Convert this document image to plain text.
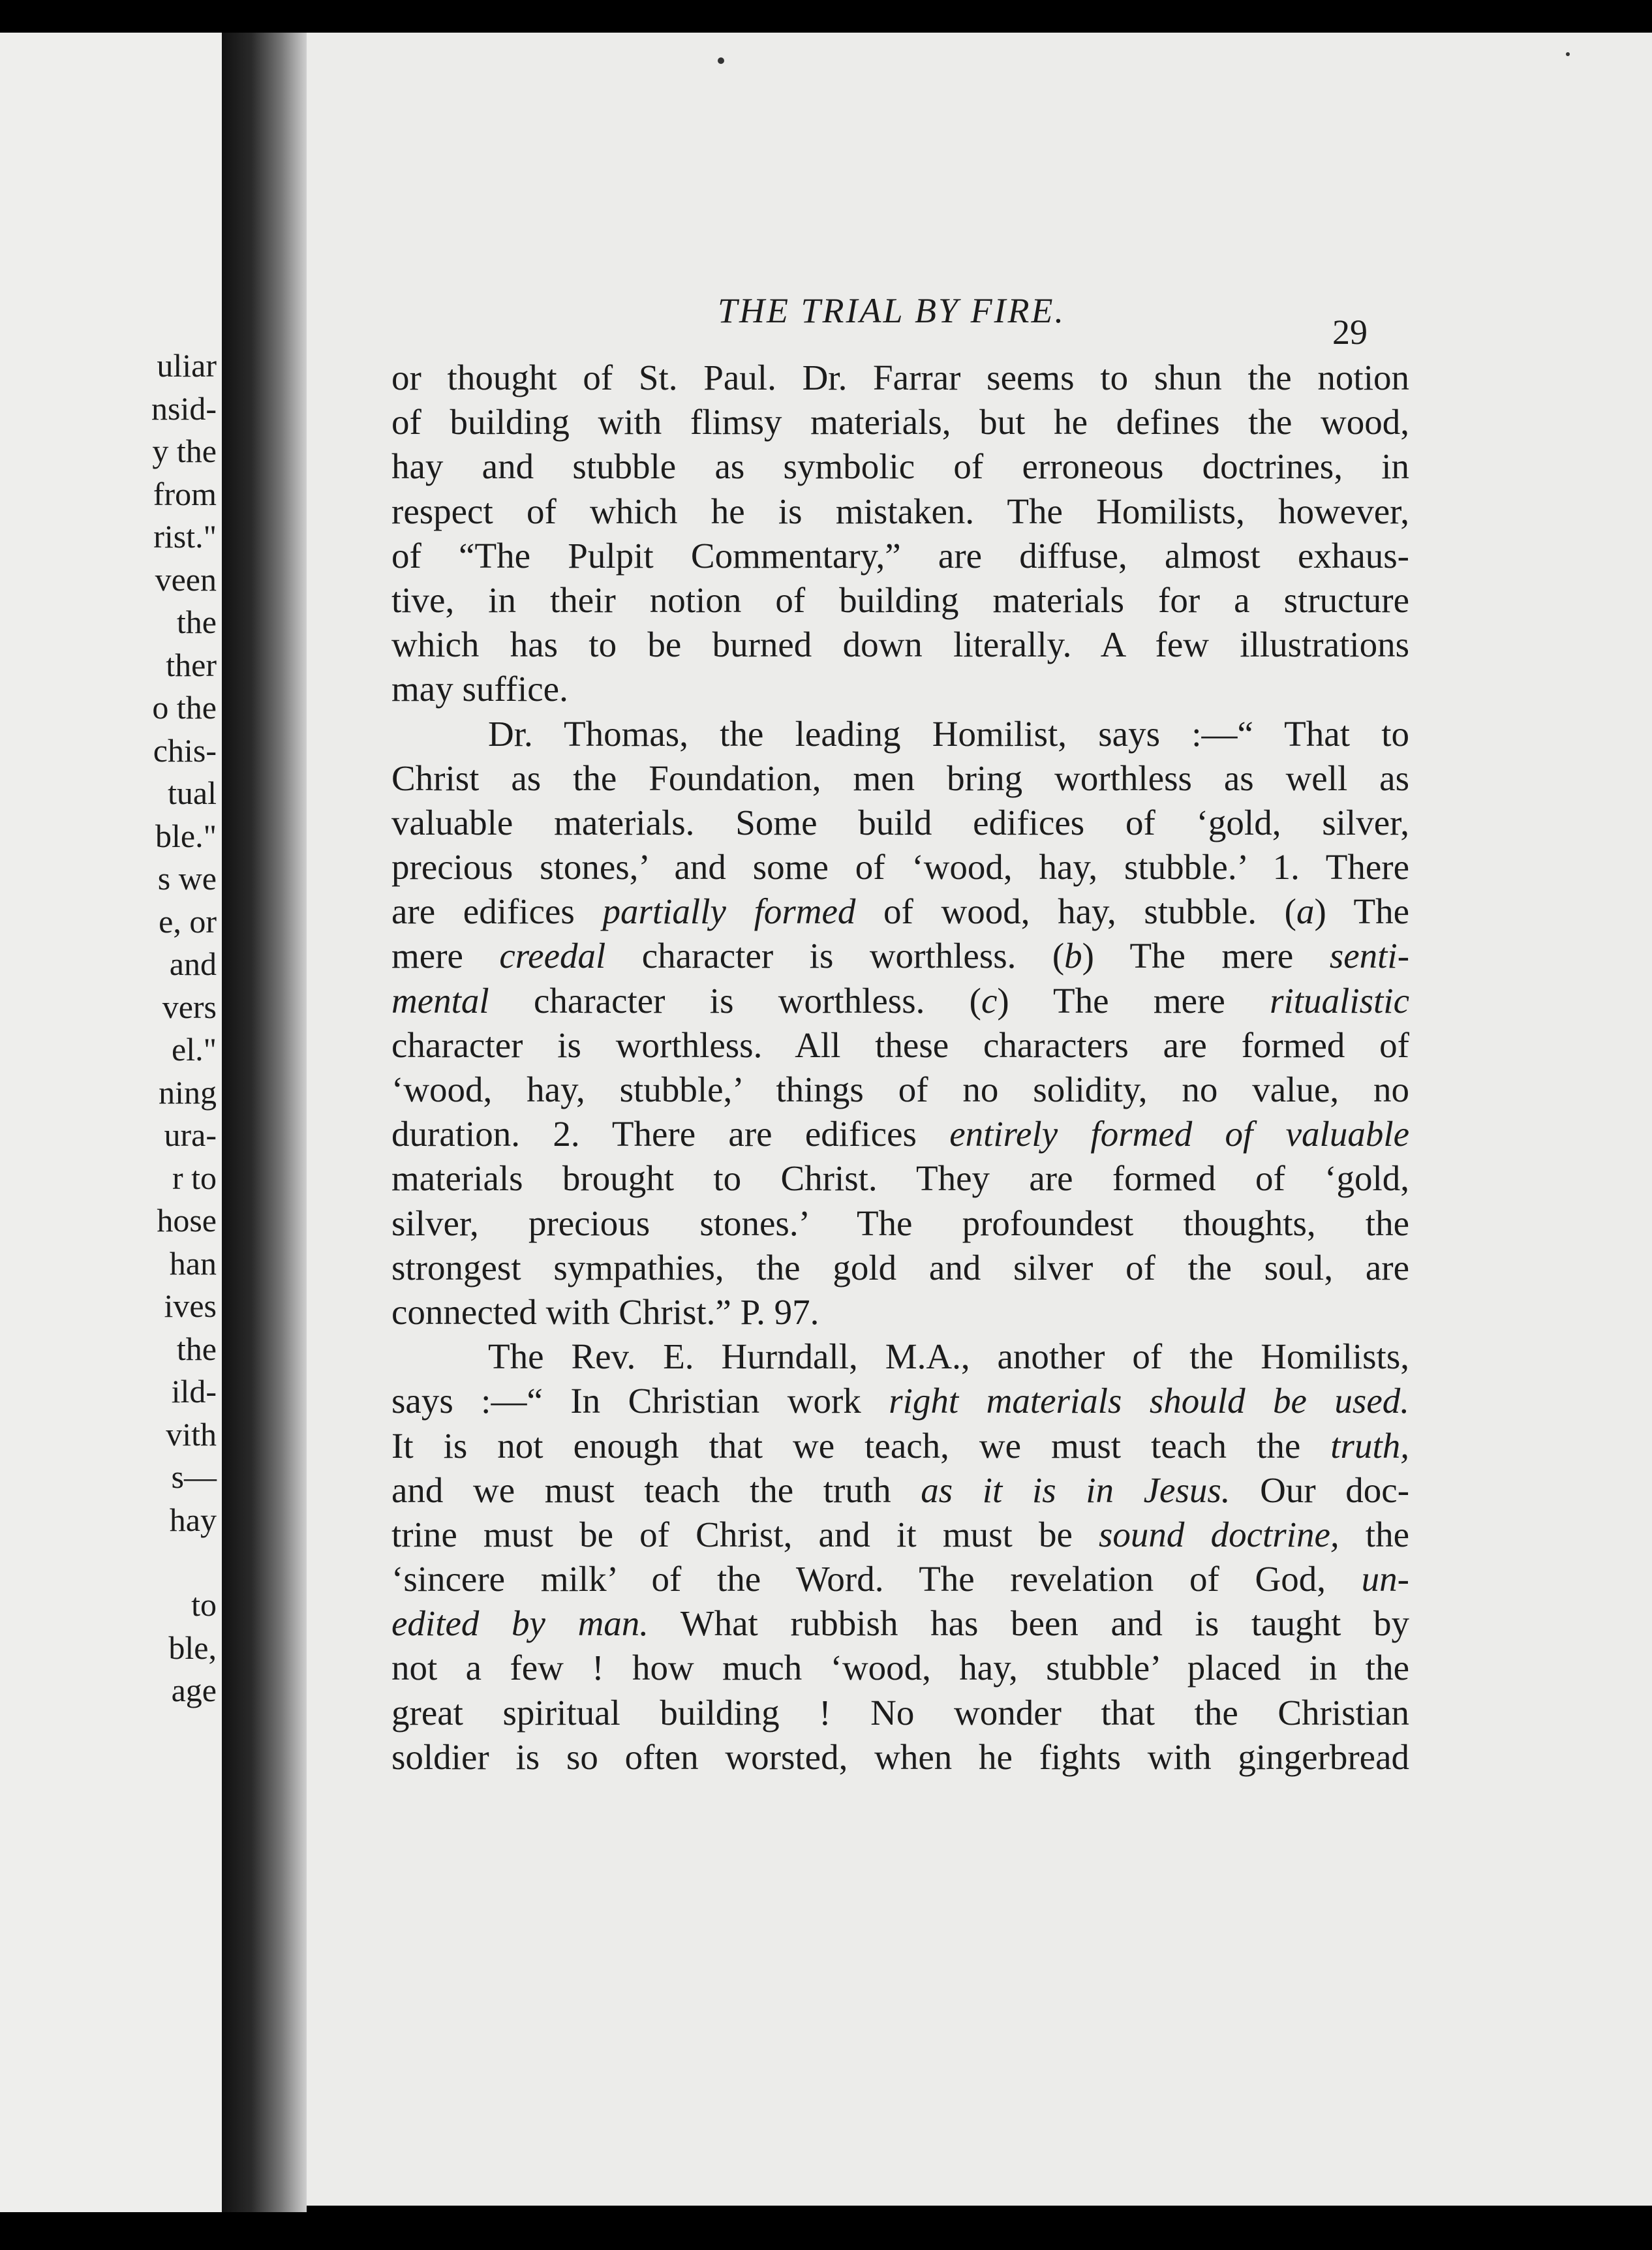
uliar
nsid-
y the
from
rist."
veen
the
ther
o the
chis-
tual
ble."
s we
e, or
and
vers
el."
ning
ura-
r to
hose
han
ives
the
ild-
vith
s—
hay
to
ble,
age
THE TRIAL BY FIRE.
29
or thought of St. Paul. Dr. Farrar seems to shun the notion
of building with flimsy materials, but he defines the wood,
hay and stubble as symbolic of erroneous doctrines, in
respect of which he is mistaken. The Homilists, however,
of “The Pulpit Commentary,” are diffuse, almost exhaus-
tive, in their notion of building materials for a structure
which has to be burned down literally. A few illustrations
may suffice.
Dr. Thomas, the leading Homilist, says :—“ That to
Christ as the Foundation, men bring worthless as well as
valuable materials. Some build edifices of ‘gold, silver,
precious stones,’ and some of ‘wood, hay, stubble.’ 1. There
are edifices partially formed of wood, hay, stubble. (a) The
mere creedal character is worthless. (b) The mere senti-
mental character is worthless. (c) The mere ritualistic
character is worthless. All these characters are formed of
‘wood, hay, stubble,’ things of no solidity, no value, no
duration. 2. There are edifices entirely formed of valuable
materials brought to Christ. They are formed of ‘gold,
silver, precious stones.’ The profoundest thoughts, the
strongest sympathies, the gold and silver of the soul, are
connected with Christ.” P. 97.
The Rev. E. Hurndall, M.A., another of the Homilists,
says :—“ In Christian work right materials should be used.
It is not enough that we teach, we must teach the truth,
and we must teach the truth as it is in Jesus. Our doc-
trine must be of Christ, and it must be sound doctrine, the
‘sincere milk’ of the Word. The revelation of God, un-
edited by man. What rubbish has been and is taught by
not a few ! how much ‘wood, hay, stubble’ placed in the
great spiritual building ! No wonder that the Christian
soldier is so often worsted, when he fights with gingerbread
